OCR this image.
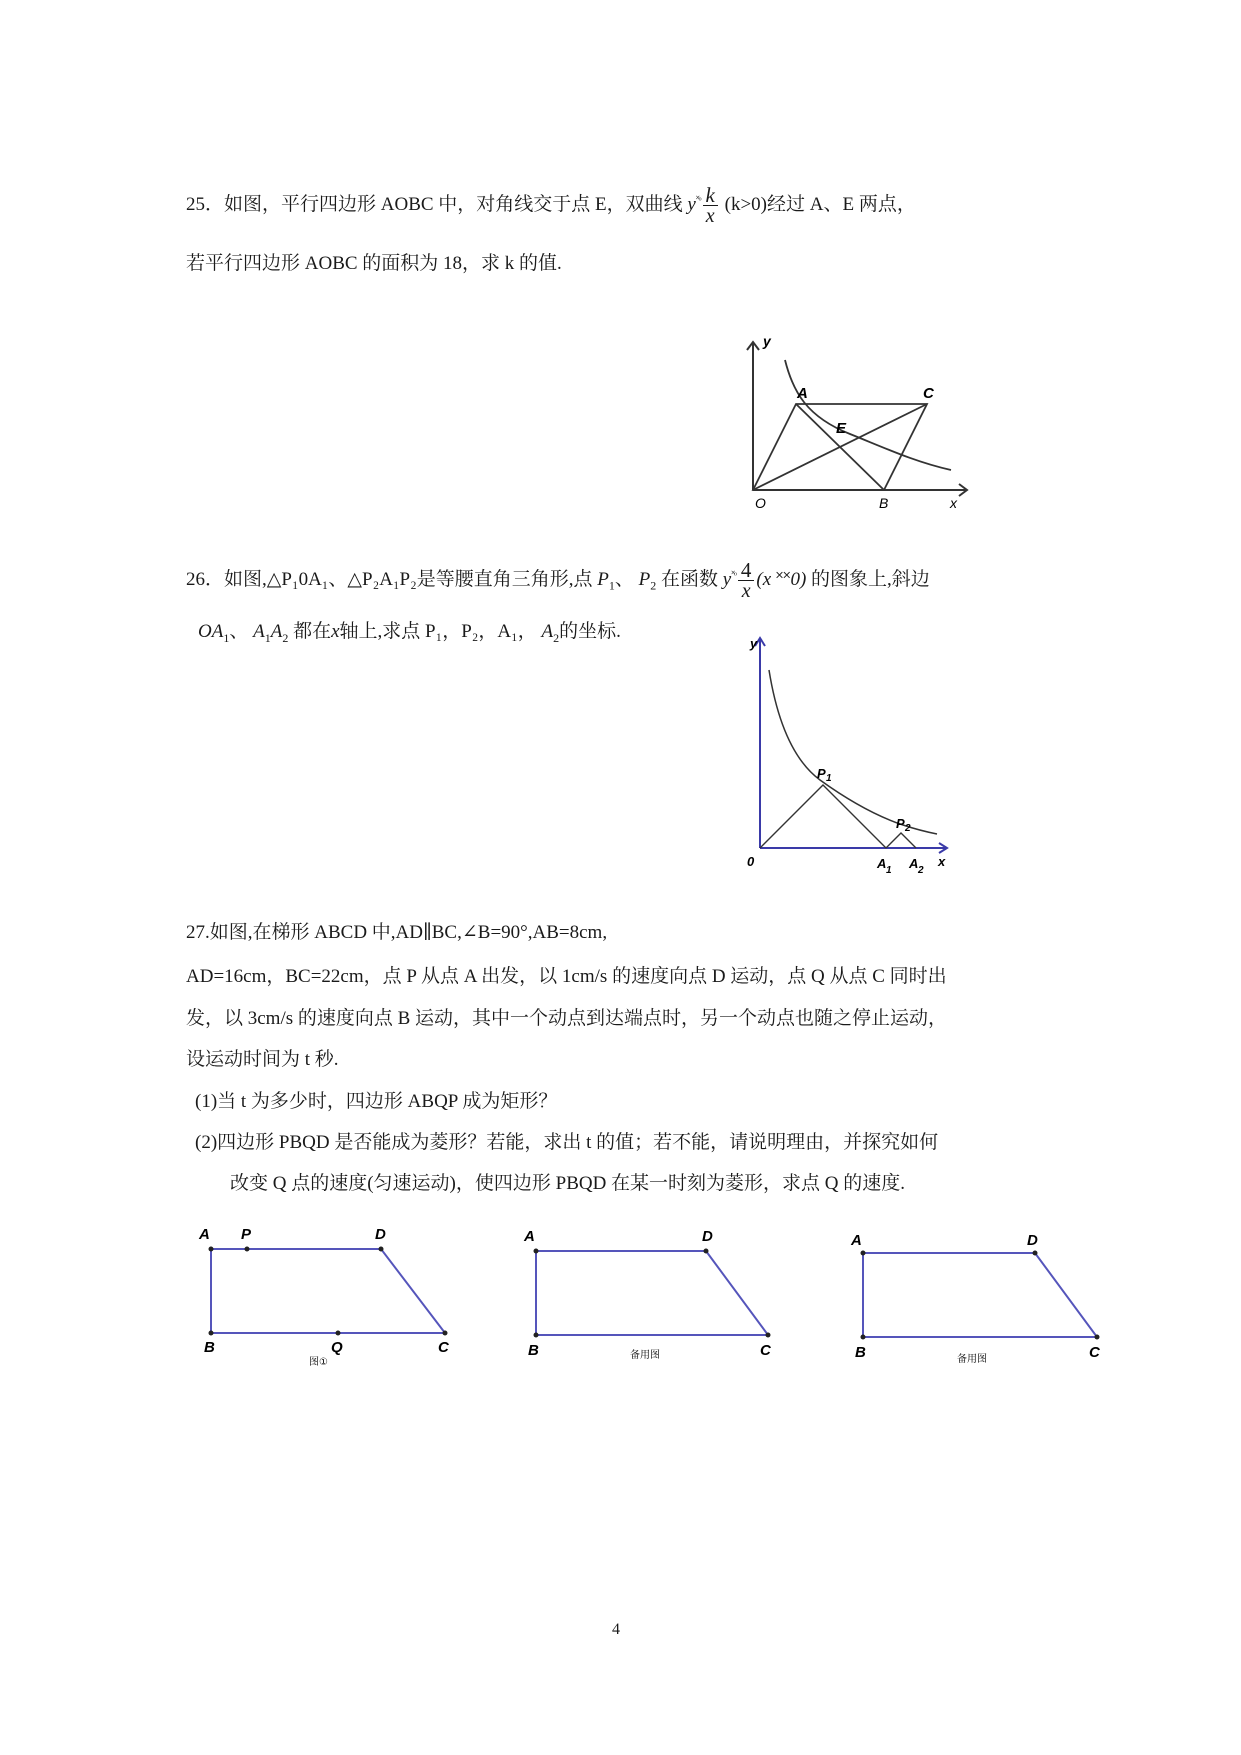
25．如图，平行四边形 AOBC 中，对角线交于点 E，双曲线 $y^{˟ᵒ} \frac{k}{x} (k>0)$经过 A、E 两点，
若平行四边形 AOBC 的面积为 18，求 k 的值.
y
A	C
E
O	B	x
26．如图,△P₁0A₁、△P₂A₁P₂是等腰直角三角形,点 $P_1$、 $P_2$ 在函数 $y^{˟ᵒ} \frac{4}{x} (x$ ˟˟0) 的图象上,斜边
$OA_1$、 $A_1A_2$ 都在x轴上,求点 P₁，P₂，A₁， $A_2$的坐标.
y
0
P 1
P 2
A 1 A 2
x
27.如图,在梯形 ABCD 中,AD∥BC,∠B=90°,AB=8cm,
AD=16cm，BC=22cm，点 P 从点 A 出发，以 1cm/s 的速度向点 D 运动，点 Q 从点 C 同时出
发，以 3cm/s 的速度向点 B 运动，其中一个动点到达端点时，另一个动点也随之停止运动，
设运动时间为 t 秒.
(1)当 t 为多少时，四边形 ABQP 成为矩形？
(2)四边形 PBQD 是否能成为菱形？若能，求出 t 的值；若不能，请说明理由，并探究如何
改变 Q 点的速度(匀速运动)，使四边形 PBQD 在某一时刻为菱形，求点 Q 的速度.
A P	D
B	Q	C
图①
A	D
B	C
备用图
A	D
B	C
备用图
4
